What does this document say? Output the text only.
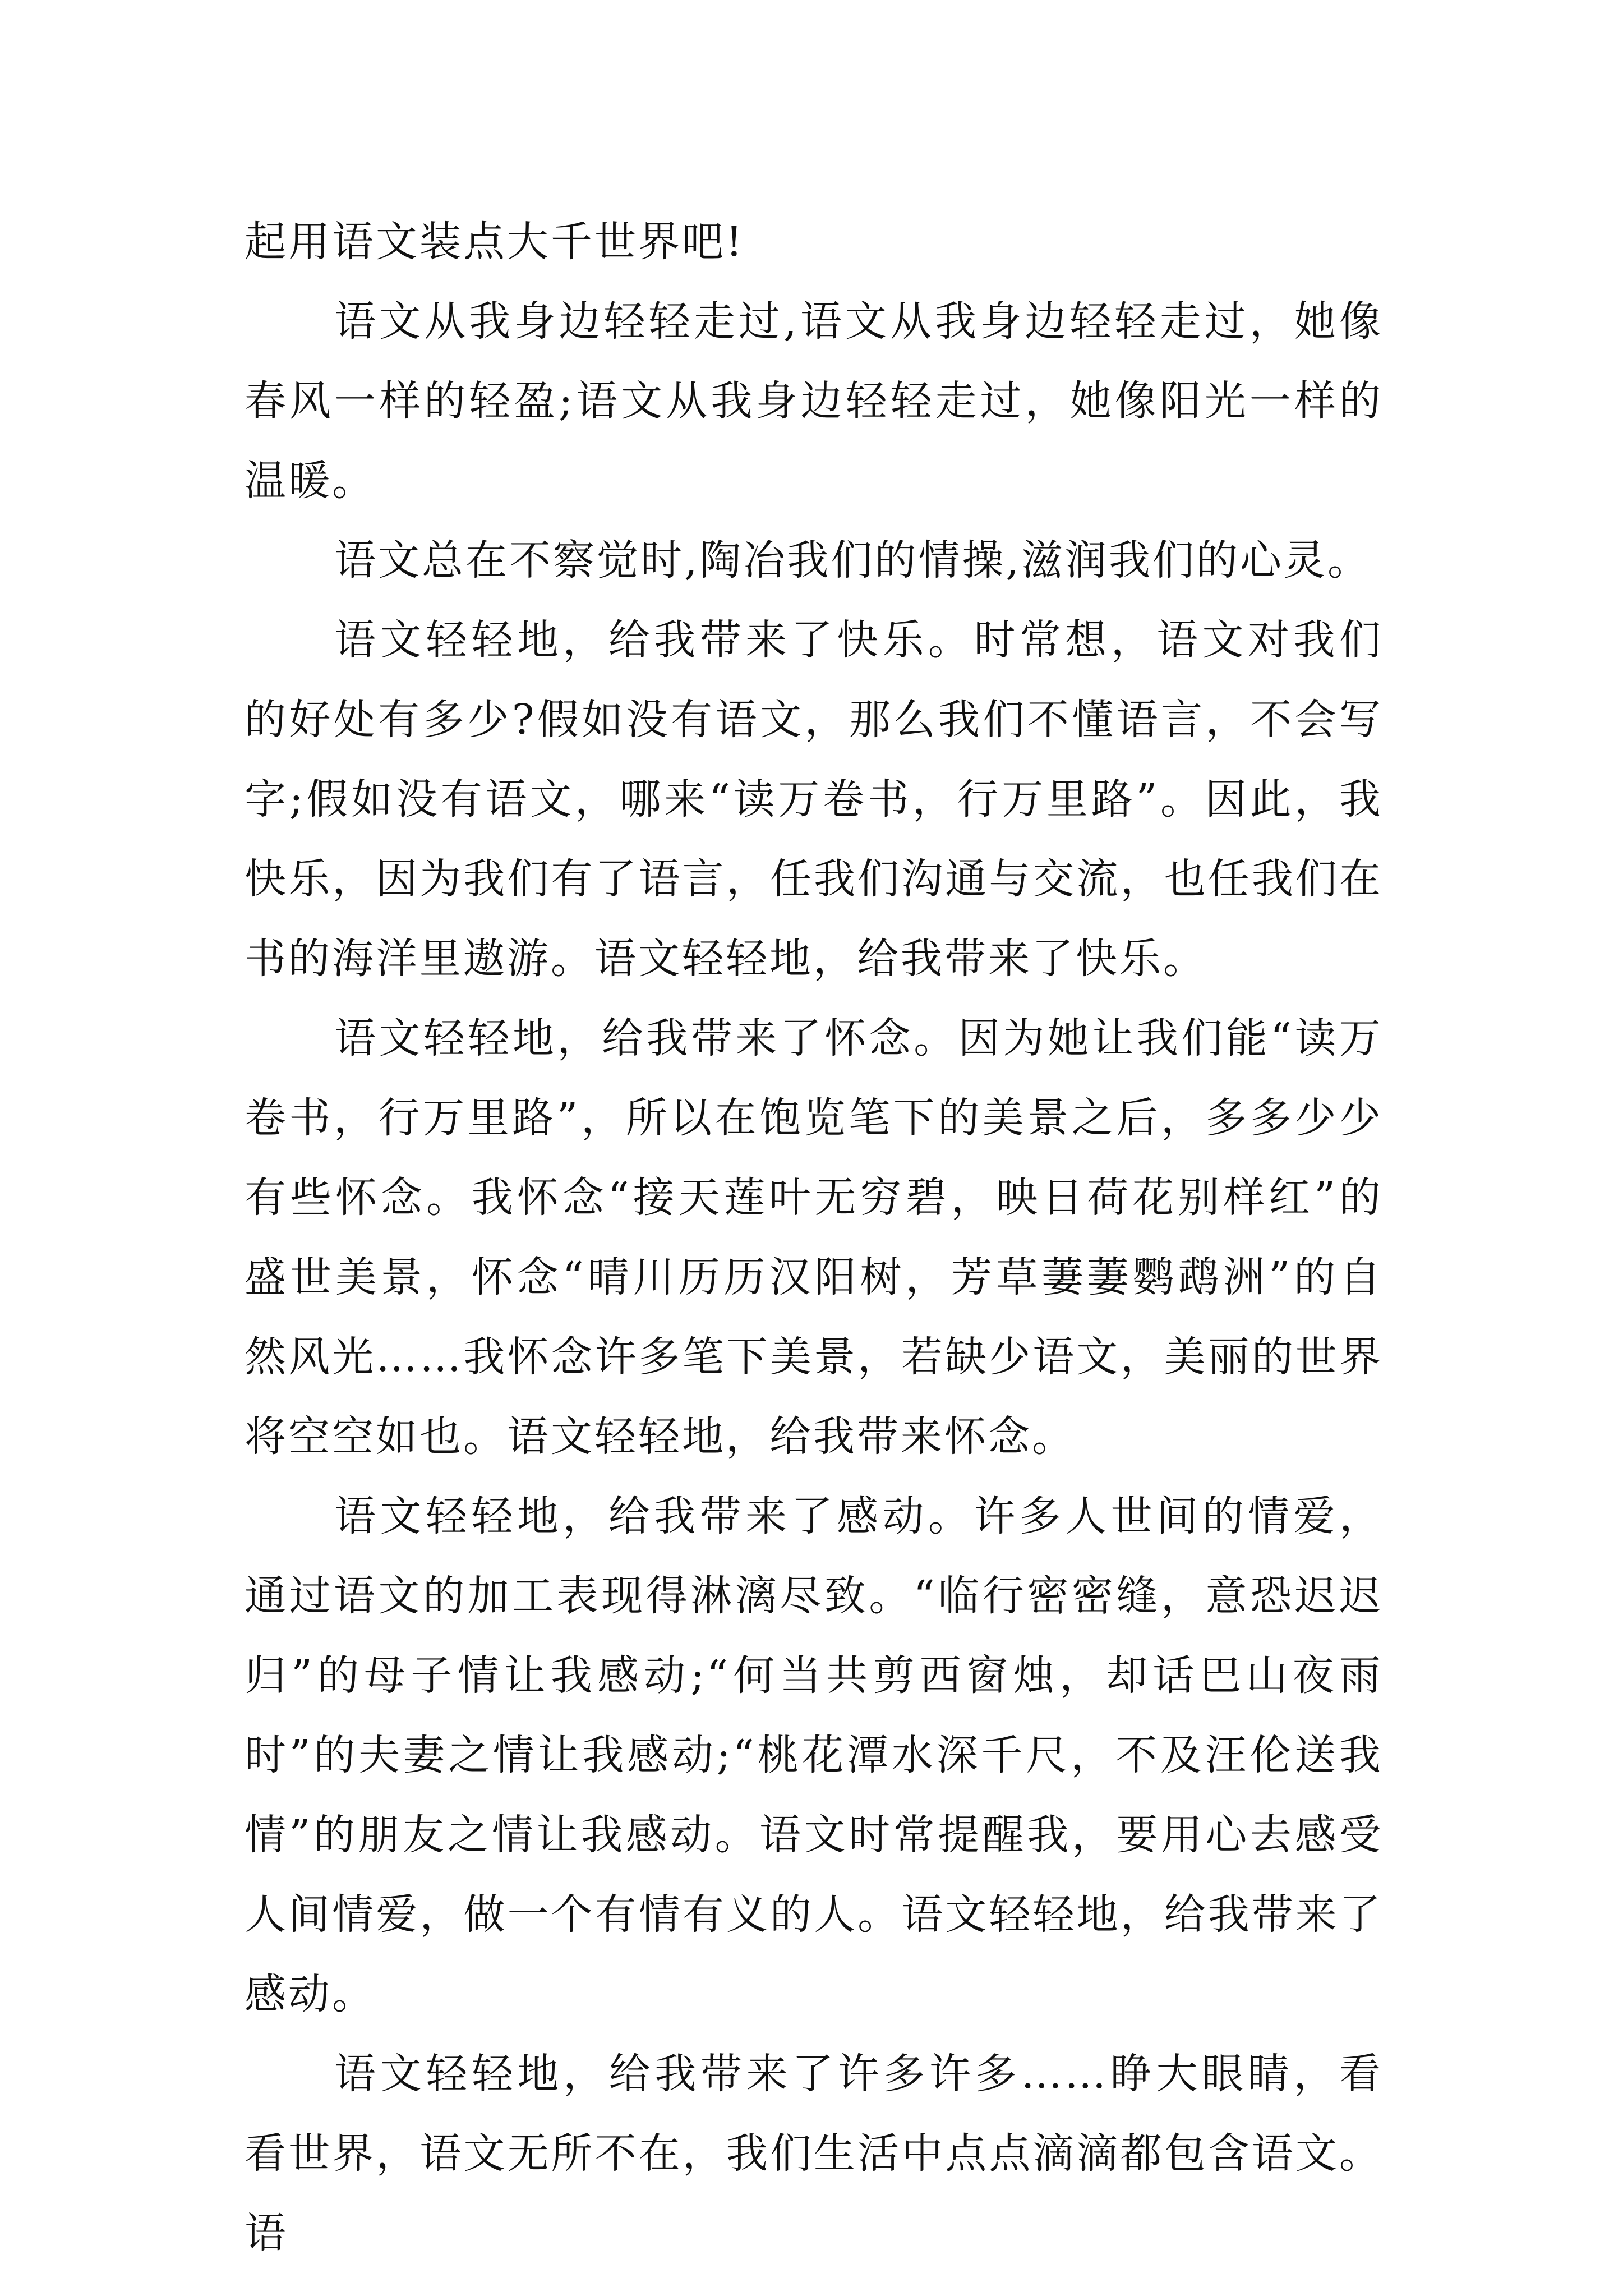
起用语文装点大千世界吧!

语文从我身边轻轻走过,语文从我身边轻轻走过，她像春风一样的轻盈;语文从我身边轻轻走过，她像阳光一样的温暖。

语文总在不察觉时,陶冶我们的情操,滋润我们的心灵。

语文轻轻地，给我带来了快乐。时常想，语文对我们的好处有多少?假如没有语文，那么我们不懂语言，不会写字;假如没有语文，哪来“读万卷书，行万里路”。因此，我快乐，因为我们有了语言，任我们沟通与交流，也任我们在书的海洋里遨游。语文轻轻地，给我带来了快乐。

语文轻轻地，给我带来了怀念。因为她让我们能“读万卷书，行万里路”，所以在饱览笔下的美景之后，多多少少有些怀念。我怀念“接天莲叶无穷碧，映日荷花别样红”的盛世美景，怀念“晴川历历汉阳树，芳草萋萋鹦鹉洲”的自然风光……我怀念许多笔下美景，若缺少语文，美丽的世界将空空如也。语文轻轻地，给我带来怀念。

语文轻轻地，给我带来了感动。许多人世间的情爱，通过语文的加工表现得淋漓尽致。“临行密密缝，意恐迟迟归”的母子情让我感动;“何当共剪西窗烛，却话巴山夜雨时”的夫妻之情让我感动;“桃花潭水深千尺，不及汪伦送我情”的朋友之情让我感动。语文时常提醒我，要用心去感受人间情爱，做一个有情有义的人。语文轻轻地，给我带来了感动。

语文轻轻地，给我带来了许多许多……睁大眼睛，看看世界，语文无所不在，我们生活中点点滴滴都包含语文。语
